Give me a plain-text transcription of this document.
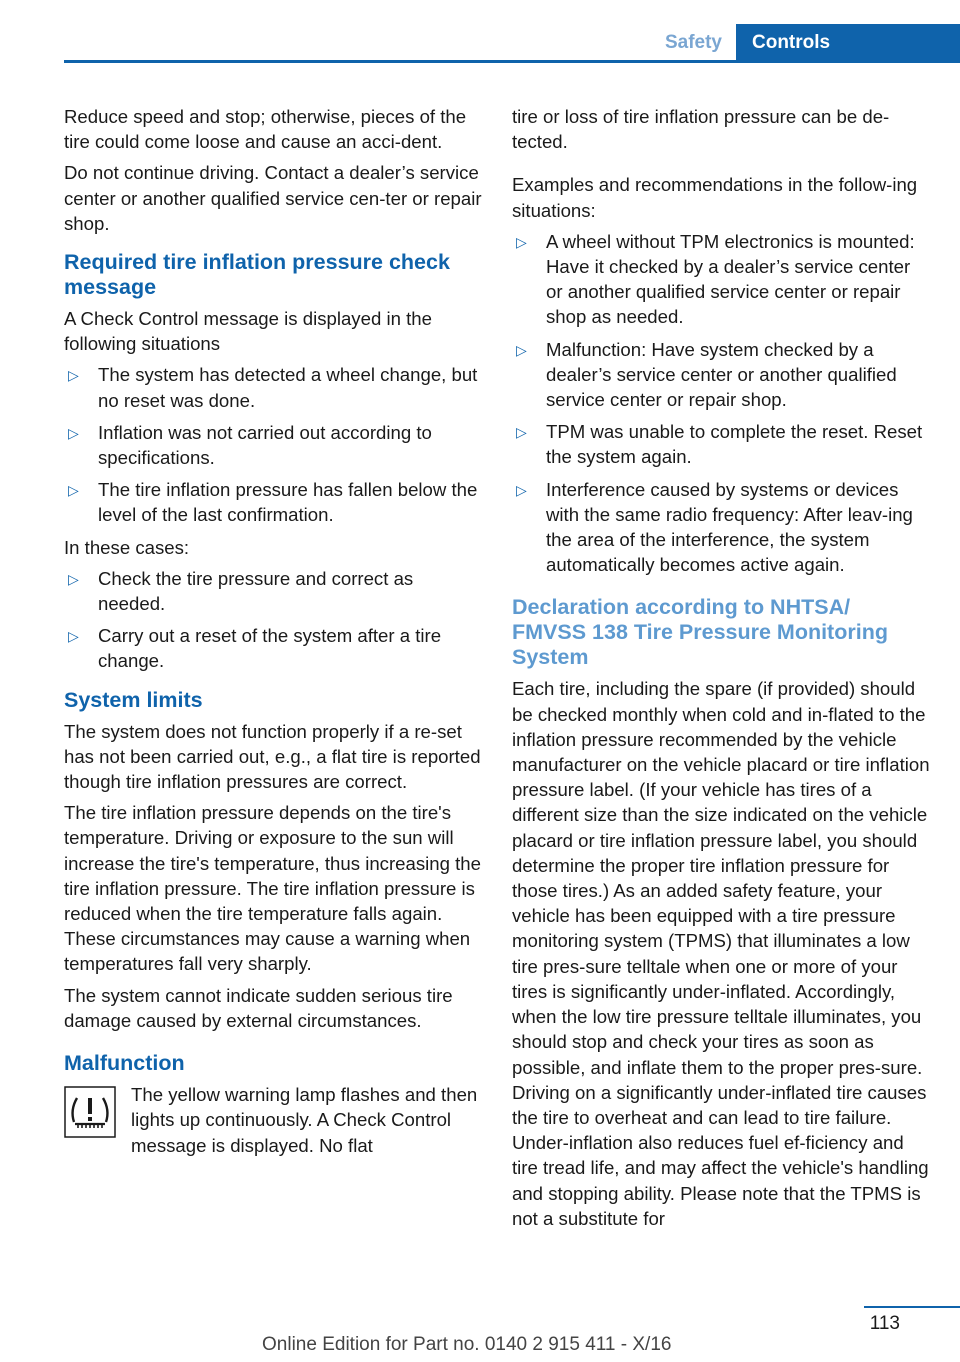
Safety	Controls

Reduce speed and stop; otherwise, pieces of the tire could come loose and cause an acci‐dent.

Do not continue driving. Contact a dealer’s service center or another qualified service cen‐ter or repair shop.

Required tire inflation pressure check message

A Check Control message is displayed in the following situations

▷ The system has detected a wheel change, but no reset was done.
▷ Inflation was not carried out according to specifications.
▷ The tire inflation pressure has fallen below the level of the last confirmation.

In these cases:

▷ Check the tire pressure and correct as needed.
▷ Carry out a reset of the system after a tire change.
System limits

The system does not function properly if a re‐set has not been carried out, e.g., a flat tire is reported though tire inflation pressures are correct.

The tire inflation pressure depends on the tire's temperature. Driving or exposure to the sun will increase the tire's temperature, thus increasing the tire inflation pressure. The tire inflation pressure is reduced when the tire temperature falls again. These circumstances may cause a warning when temperatures fall very sharply.

The system cannot indicate sudden serious tire damage caused by external circumstances.

Malfunction

The yellow warning lamp flashes and then lights up continuously. A Check Control message is displayed. No flat

tire or loss of tire inflation pressure can be de‐tected.

Examples and recommendations in the follow‐ing situations:

▷ A wheel without TPM electronics is mounted: Have it checked by a dealer’s service center or another qualified service center or repair shop as needed.
▷ Malfunction: Have system checked by a dealer’s service center or another qualified service center or repair shop.
▷ TPM was unable to complete the reset. Reset the system again.
▷ Interference caused by systems or devices with the same radio frequency: After leav‐ing the area of the interference, the system automatically becomes active again.
Declaration according to NHTSA/ FMVSS 138 Tire Pressure Monitoring System

Each tire, including the spare (if provided) should be checked monthly when cold and in‐flated to the inflation pressure recommended by the vehicle manufacturer on the vehicle placard or tire inflation pressure label. (If your vehicle has tires of a different size than the size indicated on the vehicle placard or tire inflation pressure label, you should determine the proper tire inflation pressure for those tires.) As an added safety feature, your vehicle has been equipped with a tire pressure monitoring system (TPMS) that illuminates a low tire pres‐sure telltale when one or more of your tires is significantly under-inflated. Accordingly, when the low tire pressure telltale illuminates, you should stop and check your tires as soon as possible, and inflate them to the proper pres‐sure. Driving on a significantly under-inflated tire causes the tire to overheat and can lead to tire failure. Under-inflation also reduces fuel ef‐ficiency and tire tread life, and may affect the vehicle's handling and stopping ability. Please note that the TPMS is not a substitute for

113
Online Edition for Part no. 0140 2 915 411 - X/16
